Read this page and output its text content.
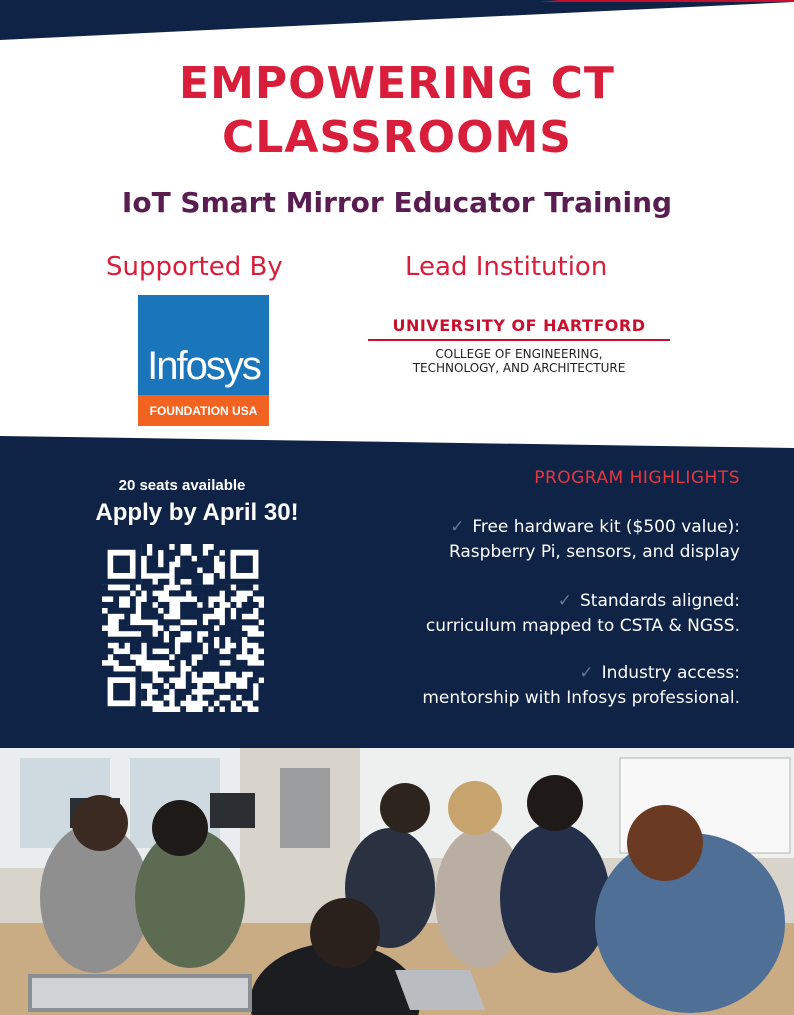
EMPOWERING CT
CLASSROOMS
IoT Smart Mirror Educator Training
Supported By	Lead Institution
Infosys
FOUNDATION USA
UNIVERSITY OF HARTFORD
COLLEGE OF ENGINEERING,
TECHNOLOGY, AND ARCHITECTURE
20 seats available
Apply by April 30!
PROGRAM HIGHLIGHTS
✓ Free hardware kit ($500 value):
Raspberry Pi, sensors, and display
✓ Standards aligned:
curriculum mapped to CSTA & NGSS.
✓ Industry access:
mentorship with Infosys professional.
